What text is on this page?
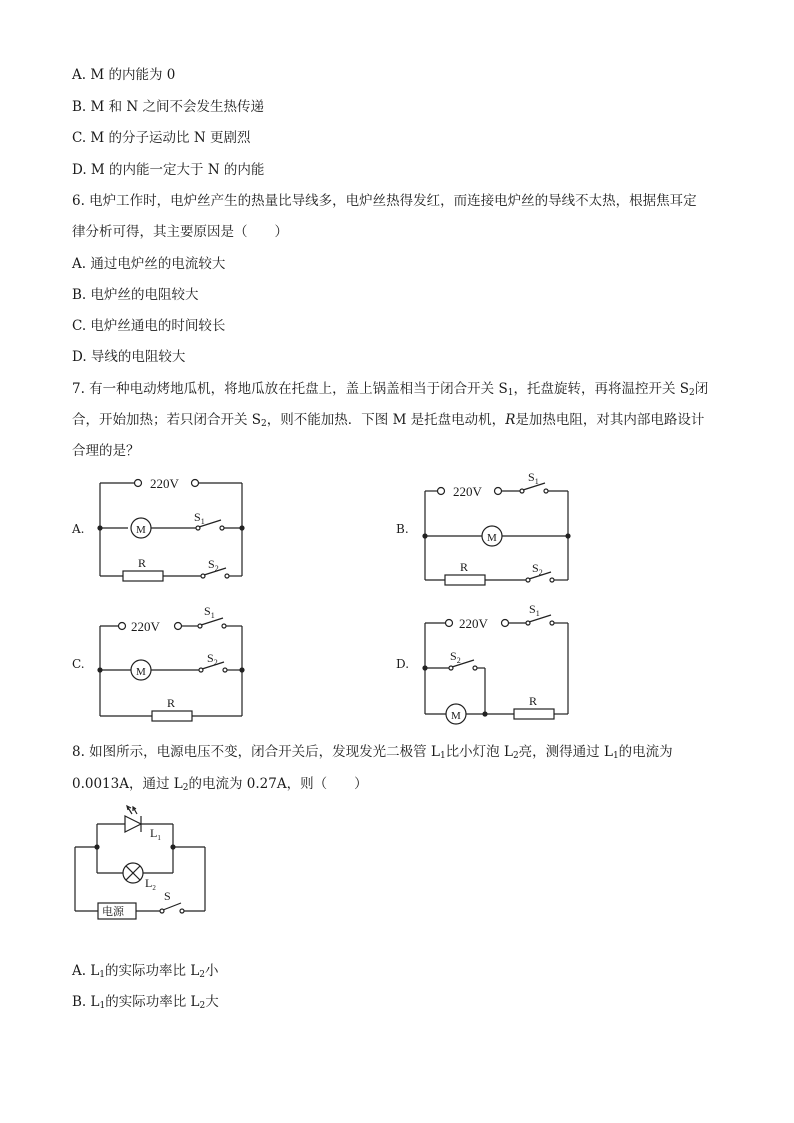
A. M 的内能为 0
B. M 和 N 之间不会发生热传递
C. M 的分子运动比 N 更剧烈
D. M 的内能一定大于 N 的内能
6. 电炉工作时，电炉丝产生的热量比导线多，电炉丝热得发红，而连接电炉丝的导线不太热，根据焦耳定
律分析可得，其主要原因是（　　）
A. 通过电炉丝的电流较大
B. 电炉丝的电阻较大
C. 电炉丝通电的时间较长
D. 导线的电阻较大
7. 有一种电动烤地瓜机，将地瓜放在托盘上，盖上锅盖相当于闭合开关 $S_1$，托盘旋转，再将温控开关 $S_2$闭
合，开始加热；若只闭合开关 $S_2$，则不能加热．下图 M 是托盘电动机，R是加热电阻，对其内部电路设计
合理的是？
A.	B.
C.	D.
220V
M
$S_1$
R	$S_2$
220V
$S_1$
M
R	$S_2$
220V
$S_1$
M
$S_2$
R
220V
$S_1$
$S_2$
M
R
8. 如图所示，电源电压不变，闭合开关后，发现发光二极管 $L_1$比小灯泡 $L_2$亮，测得通过 $L_1$的电流为
0.0013A，通过 $L_2$的电流为 0.27A，则（　　）
$L_1$
$L_2$
电源
S
A. $L_1$的实际功率比 $L_2$小
B. $L_1$的实际功率比 $L_2$大
